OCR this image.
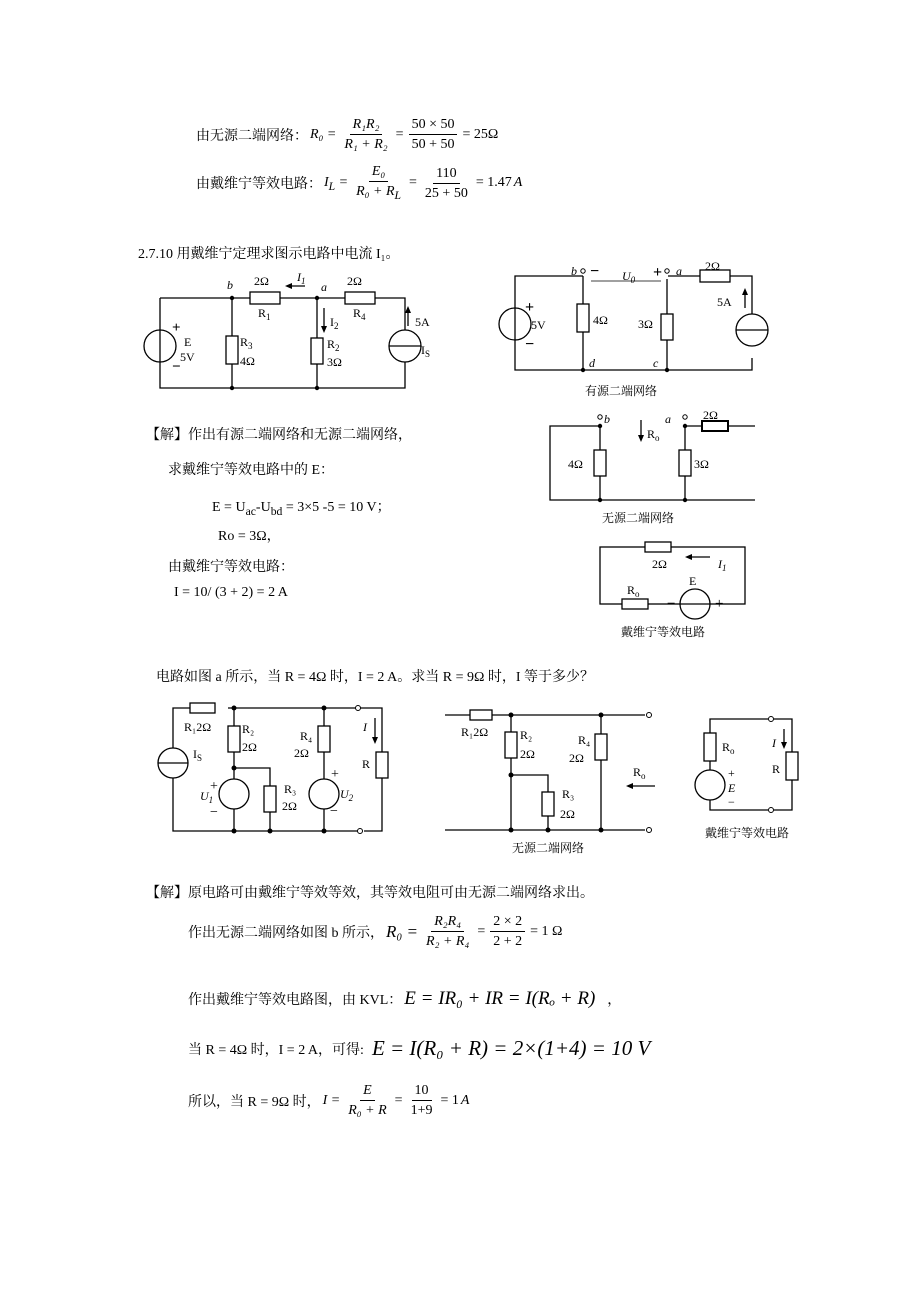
由无源二端网络： $R_0 = \frac{\text{R₁R₂}}{\text{R₁ + R₂}} = \frac{50 \times 50}{50 + 50} = 25\Omega$
由戴维宁等效电路： $I_L = \frac{\text{E₀}}{R_0 + R_L} = \frac{110}{25 + 50} = 1.47$ A
2.7.10 用戴维宁定理求图示电路中电流 I₁。
b 2Ω
$R_1$
$I_1$ a 2Ω
$R_4$	5A
$I_S$
E
5V
+
−
$R_3$
4Ω
$I_2$
$R_2$
3Ω
$b - U_0 + a$ 2Ω
+
5V
−
4Ω	3Ω
5A
d	c
有源二端网络
【解】作出有源二端网络和无源二端网络，
求戴维宁等效电路中的 E：
$E = U_{ac}-U_{bd} = 3\times 5$ -5 = 10 V；
Ro = 3Ω，
由戴维宁等效电路：
I = 10/ (3 + 2) = 2 A
b	a
$R_o$
2Ω
4Ω	3Ω
无源二端网络
2Ω	$I_1$
$R_o$
E
−	+
戴维宁等效电路
电路如图 a 所示，当 R = 4Ω 时，I = 2 A。求当 R = 9Ω 时，I 等于多少？
R₁2Ω	R₂
2Ω
R₄
2Ω
I
R
$I_S$
+
$U_1$
−
R₃
2Ω
+
$U_2$
−
R₁2Ω	R₂
2Ω
R₄
2Ω
$R_o$
R₃
2Ω
无源二端网络
$R_o$
I
R
+
E
−
戴维宁等效电路
【解】原电路可由戴维宁等效等效，其等效电阻可由无源二端网络求出。
作出无源二端网络如图 b 所示， $R_0 = \frac{\text{R₂R₄}}{\text{R₂ + R₄}} = \frac{2 \times 2}{2 + 2} = 1$ Ω
作出戴维宁等效电路图，由 KVL： E = IR₀ + IR = I(Rₒ + R) ，
当 R = 4Ω 时，I = 2 A，可得: E = I(R₀ + R) = 2×(1+4) = 10 V
所以，当 R = 9Ω 时， $I = \frac{E}{\text{R₀ + R}} = \frac{10}{1+9} = 1$ A
